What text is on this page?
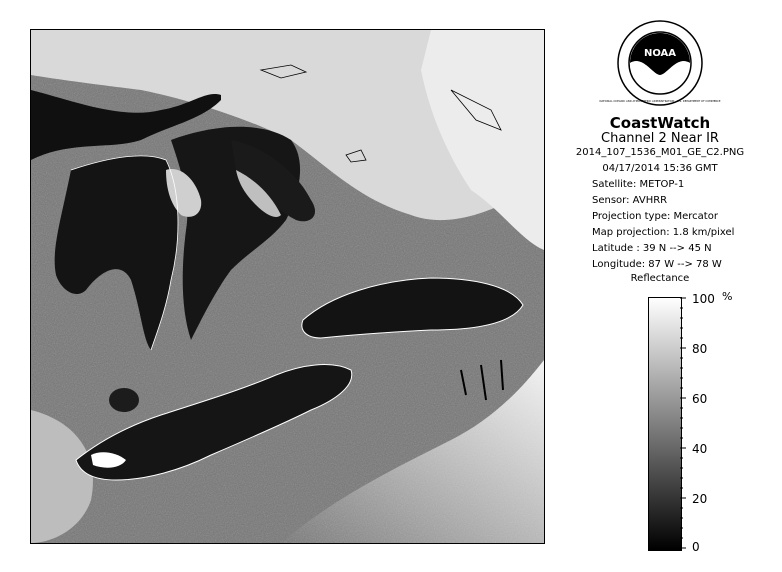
NOAA
NATIONAL OCEANIC AND ATMOSPHERIC ADMINISTRATION · U.S. DEPARTMENT OF COMMERCE
CoastWatch
Channel 2 Near IR
2014_107_1536_M01_GE_C2.PNG
04/17/2014 15:36 GMT
Satellite: METOP-1
Sensor: AVHRR
Projection type: Mercator
Map projection: 1.8 km/pixel
Latitude : 39 N --> 45 N
Longitude: 87 W --> 78 W
Reflectance
%
100
80
60
40
20
0
